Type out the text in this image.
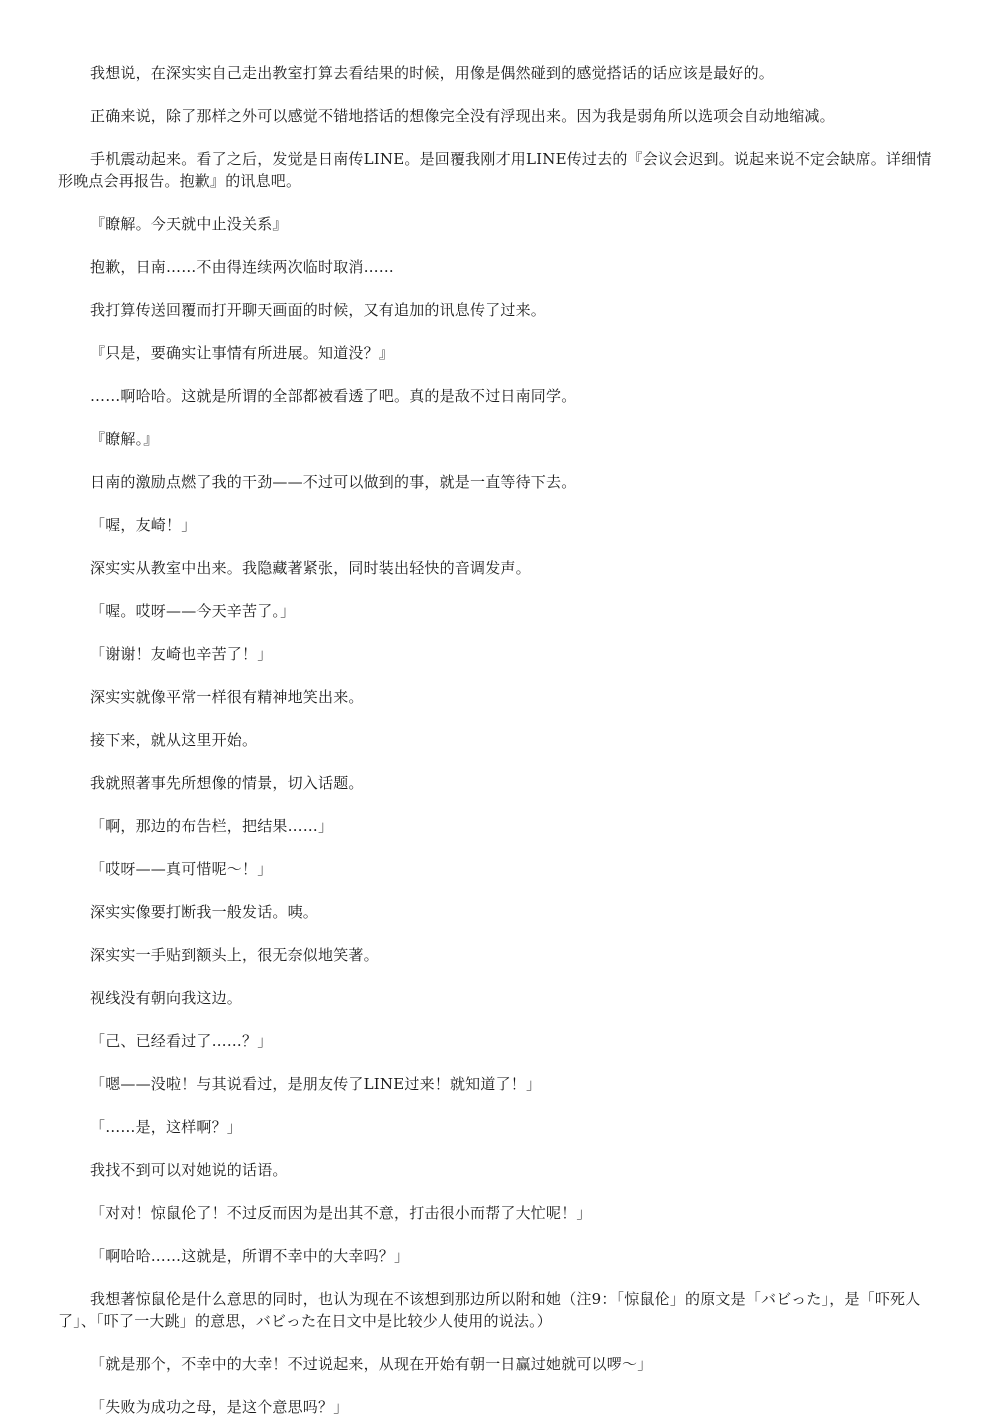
我想说，在深实实自己走出教室打算去看结果的时候，用像是偶然碰到的感觉搭话的话应该是最好的。

正确来说，除了那样之外可以感觉不错地搭话的想像完全没有浮现出来。因为我是弱角所以选项会自动地缩减。

手机震动起来。看了之后，发觉是日南传LINE。是回覆我刚才用LINE传过去的『会议会迟到。说起来说不定会缺席。详细情形晚点会再报告。抱歉』的讯息吧。

『瞭解。今天就中止没关系』

抱歉，日南……不由得连续两次临时取消……

我打算传送回覆而打开聊天画面的时候，又有追加的讯息传了过来。

『只是，要确实让事情有所进展。知道没？』

……啊哈哈。这就是所谓的全部都被看透了吧。真的是敌不过日南同学。

『瞭解。』

日南的激励点燃了我的干劲——不过可以做到的事，就是一直等待下去。

「喔，友崎！」

深实实从教室中出来。我隐藏著紧张，同时装出轻快的音调发声。

「喔。哎呀——今天辛苦了。」

「谢谢！友崎也辛苦了！」

深实实就像平常一样很有精神地笑出来。

接下来，就从这里开始。

我就照著事先所想像的情景，切入话题。

「啊，那边的布告栏，把结果……」

「哎呀——真可惜呢～！」

深实实像要打断我一般发话。咦。

深实实一手贴到额头上，很无奈似地笑著。

视线没有朝向我这边。

「己、已经看过了……？」

「嗯——没啦！与其说看过，是朋友传了LINE过来！就知道了！」

「……是，这样啊？」

我找不到可以对她说的话语。

「对对！惊鼠伦了！不过反而因为是出其不意，打击很小而帮了大忙呢！」

「啊哈哈……这就是，所谓不幸中的大幸吗？」

我想著惊鼠伦是什么意思的同时，也认为现在不该想到那边所以附和她（注9：「惊鼠伦」的原文是「バビった」，是「吓死人了」、「吓了一大跳」的意思，バビった在日文中是比较少人使用的说法。）

「就是那个，不幸中的大幸！不过说起来，从现在开始有朝一日赢过她就可以啰～」

「失败为成功之母，是这个意思吗？」
